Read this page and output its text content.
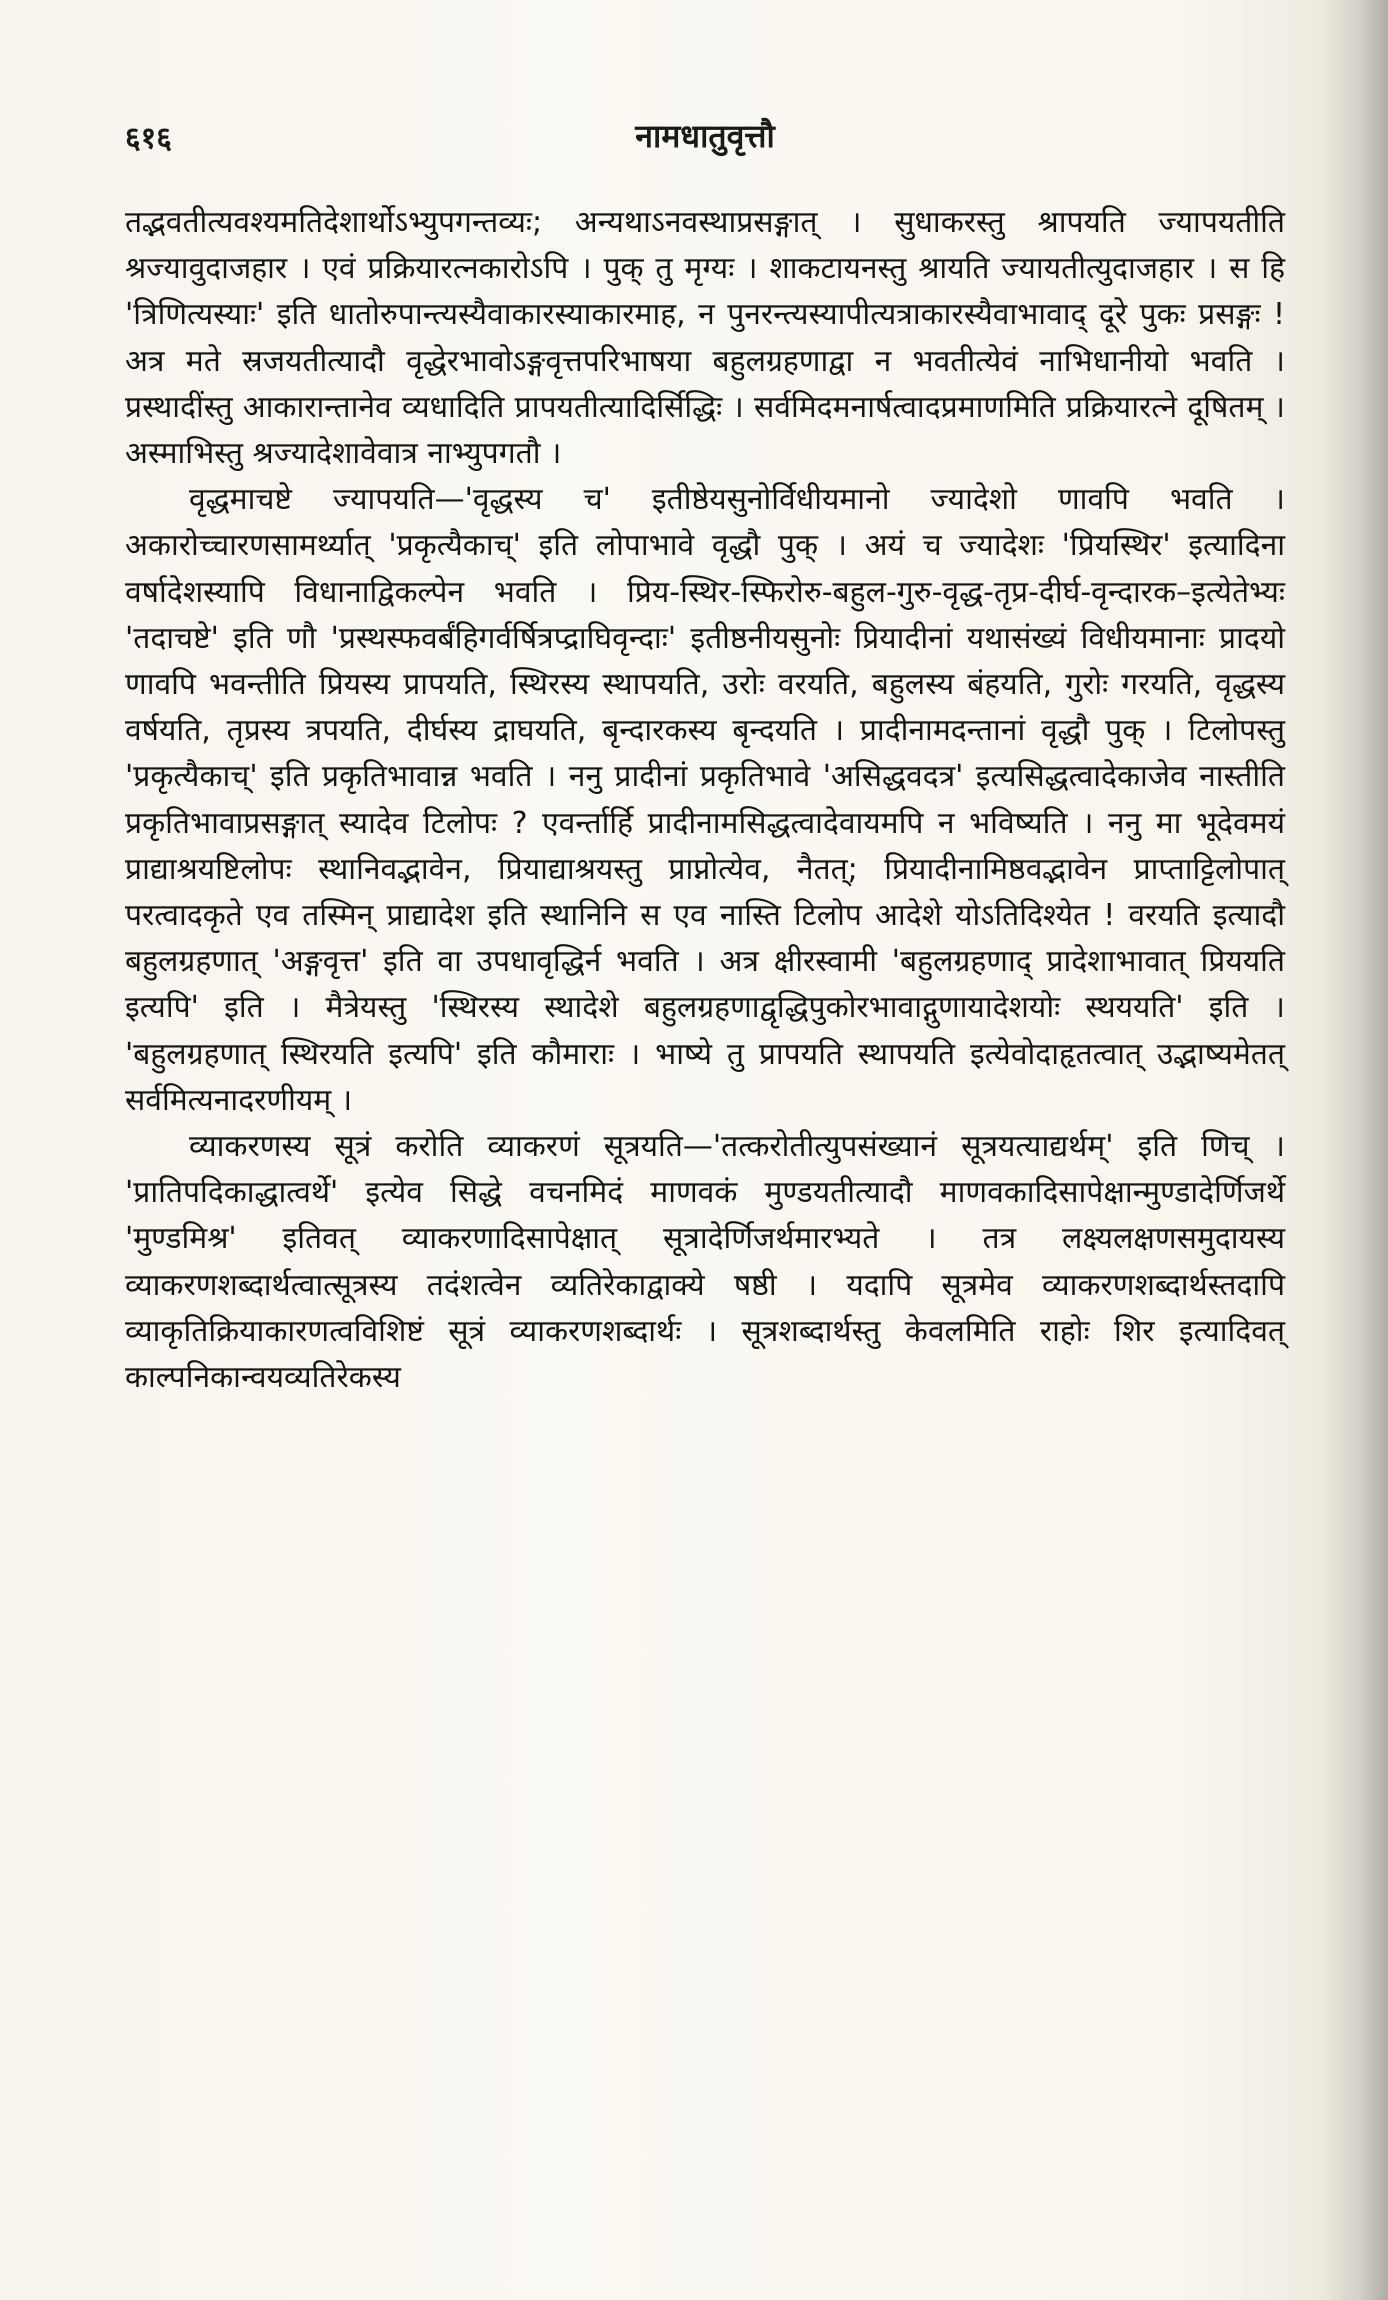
६१६	नामधातुवृत्तौ

तद्भवतीत्यवश्यमतिदेशार्थोऽभ्युपगन्तव्यः; अन्यथाऽनवस्थाप्रसङ्गात् । सुधाकरस्तु श्रापयति ज्यापयतीति श्रज्यावुदाजहार । एवं प्रक्रियारत्नकारोऽपि । पुक् तु मृग्यः । शाकटायनस्तु श्रायति ज्यायतीत्युदाजहार । स हि 'त्रिणित्यस्याः' इति धातोरुपान्त्यस्यैवाकारस्याकारमाह, न पुनरन्त्यस्यापीत्यत्राकारस्यैवाभावाद् दूरे पुकः प्रसङ्गः ! अत्र मते स्रजयतीत्यादौ वृद्धेरभावोऽङ्गवृत्तपरिभाषया बहुलग्रहणाद्वा न भवतीत्येवं नाभिधानीयो भवति । प्रस्थादींस्तु आकारान्तानेव व्यधादिति प्रापयतीत्यादिर्सिद्धिः । सर्वमिदमनार्षत्वादप्रमाणमिति प्रक्रियारत्ने दूषितम् । अस्माभिस्तु श्रज्यादेशावेवात्र नाभ्युपगतौ ।

वृद्धमाचष्टे ज्यापयति—'वृद्धस्य च' इतीष्ठेयसुनोर्विधीयमानो ज्यादेशो णावपि भवति । अकारोच्चारणसामर्थ्यात् 'प्रकृत्यैकाच्' इति लोपाभावे वृद्धौ पुक् । अयं च ज्यादेशः 'प्रियस्थिर' इत्यादिना वर्षादेशस्यापि विधानाद्विकल्पेन भवति । प्रिय-स्थिर-स्फिरोरु-बहुल-गुरु-वृद्ध-तृप्र-दीर्घ-वृन्दारक–इत्येतेभ्यः 'तदाचष्टे' इति णौ 'प्रस्थस्फवर्बंहिगर्वर्षित्रप्द्राघिवृन्दाः' इतीष्ठनीयसुनोः प्रियादीनां यथासंख्यं विधीयमानाः प्रादयो णावपि भवन्तीति प्रियस्य प्रापयति, स्थिरस्य स्थापयति, उरोः वरयति, बहुलस्य बंहयति, गुरोः गरयति, वृद्धस्य वर्षयति, तृप्रस्य त्रपयति, दीर्घस्य द्राघयति, बृन्दारकस्य बृन्दयति । प्रादीनामदन्तानां वृद्धौ पुक् । टिलोपस्तु 'प्रकृत्यैकाच्' इति प्रकृतिभावान्न भवति । ननु प्रादीनां प्रकृतिभावे 'असिद्धवदत्र' इत्यसिद्धत्वादेकाजेव नास्तीति प्रकृतिभावाप्रसङ्गात् स्यादेव टिलोपः ? एवर्न्तार्हि प्रादीनामसिद्धत्वादेवायमपि न भविष्यति । ननु मा भूदेवमयं प्राद्याश्रयष्टिलोपः स्थानिवद्भावेन, प्रियाद्याश्रयस्तु प्राप्नोत्येव, नैतत्; प्रियादीनामिष्ठवद्भावेन प्राप्ताट्टिलोपात् परत्वादकृते एव तस्मिन् प्राद्यादेश इति स्थानिनि स एव नास्ति टिलोप आदेशे योऽतिदिश्येत ! वरयति इत्यादौ बहुलग्रहणात् 'अङ्गवृत्त' इति वा उपधावृद्धिर्न भवति । अत्र क्षीरस्वामी 'बहुलग्रहणाद् प्रादेशाभावात् प्रिययति इत्यपि' इति । मैत्रेयस्तु 'स्थिरस्य स्थादेशे बहुलग्रहणाद्वृद्धिपुकोरभावाद्गुणायादेशयोः स्थययति' इति । 'बहुलग्रहणात् स्थिरयति इत्यपि' इति कौमाराः । भाष्ये तु प्रापयति स्थापयति इत्येवोदाहृतत्वात् उद्भाष्यमेतत् सर्वमित्यनादरणीयम् ।

व्याकरणस्य सूत्रं करोति व्याकरणं सूत्रयति—'तत्करोतीत्युपसंख्यानं सूत्रयत्याद्यर्थम्' इति णिच् । 'प्रातिपदिकाद्धात्वर्थे' इत्येव सिद्धे वचनमिदं माणवकं मुण्डयतीत्यादौ माणवकादिसापेक्षान्मुण्डादेर्णिजर्थे 'मुण्डमिश्र' इतिवत् व्याकरणादिसापेक्षात् सूत्रादेर्णिजर्थमारभ्यते । तत्र लक्ष्यलक्षणसमुदायस्य व्याकरणशब्दार्थत्वात्सूत्रस्य तदंशत्वेन व्यतिरेकाद्वाक्ये षष्ठी । यदापि सूत्रमेव व्याकरणशब्दार्थस्तदापि व्याकृतिक्रियाकारणत्वविशिष्टं सूत्रं व्याकरणशब्दार्थः । सूत्रशब्दार्थस्तु केवलमिति राहोः शिर इत्यादिवत् काल्पनिकान्वयव्यतिरेकस्य
